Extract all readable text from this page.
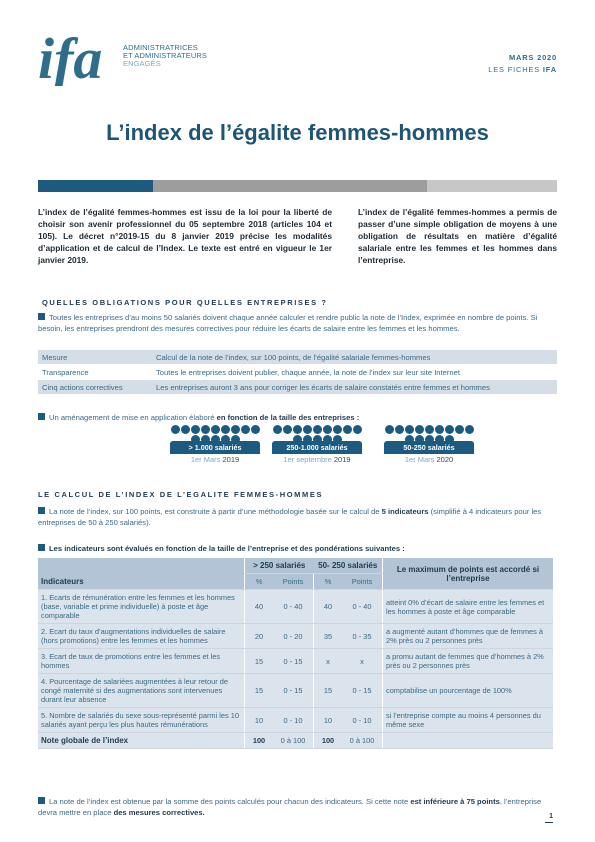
ifa	ADMINISTRATRICES
ET ADMINISTRATEURS
ENGAGÉS
MARS 2020
LES FICHES IFA
L’index de l’égalite femmes-hommes
L’index de l’égalité femmes-hommes est issu de la loi pour la liberté de choisir son avenir professionnel du 05 septembre 2018 (articles 104 et 105). Le décret n°2019-15 du 8 janvier 2019 précise les modalités d’application et de calcul de l’Index. Le texte est entré en vigueur le 1er janvier 2019.
L’index de l’égalité femmes-hommes a permis de passer d’une simple obligation de moyens à une obligation de résultats en matière d’égalité salariale entre les femmes et les hommes dans l’entreprise.
QUELLES OBLIGATIONS POUR QUELLES ENTREPRISES ?
Toutes les entreprises d’au moins 50 salariés doivent chaque année calculer et rendre public la note de l’Index, exprimée en nombre de points. Si besoin, les entreprises prendront des mesures correctives pour réduire les écarts de salaire entre les femmes et les hommes.
Mesure	Calcul de la note de l’index, sur 100 points, de l’égalité salariale femmes-hommes
Transparence	Toutes le entreprises doivent publier, chaque année, la note de l’index sur leur site Internet
Cinq actions correctives	Les entreprises auront 3 ans pour corriger les écarts de salaire constatés entre femmes et hommes
Un aménagement de mise en application élaboré en fonction de la taille des entreprises :
> 1.000 salariés
1er Mars 2019
250-1.000 salariés
1er septembre 2019
50-250 salariés
1er Mars 2020
LE CALCUL DE L’INDEX DE L’EGALITE FEMMES-HOMMES
La note de l’index, sur 100 points, est construite à partir d’une méthodologie basée sur le calcul de 5 indicateurs (simplifié à 4 indicateurs pour les entreprises de 50 à 250 salariés).
Les indicateurs sont évalués en fonction de la taille de l’entreprise et des pondérations suivantes :
Indicateurs	> 250 salariés		50- 250 salariés		Le maximum de points est accordé si l’entreprise
	%	Points	%	Points	
1. Ecarts de rémunération entre les femmes et les hommes (base, variable et prime individuelle) à poste et âge comparable	40	0 - 40	40	0 - 40	atteint 0% d’écart de salaire entre les femmes et les hommes à poste et âge comparable
2. Ecart du taux d’augmentations individuelles de salaire (hors promotions) entre les femmes et les hommes	20	0 - 20	35	0 - 35	a augmenté autant d’hommes que de femmes à 2% près ou 2 personnes près
3. Ecart de taux de promotions entre les femmes et les hommes	15	0 - 15	x	x	a promu autant de femmes que d’hommes à 2% près ou 2 personnes près
4. Pourcentage de salariées augmentées à leur retour de congé maternité si des augmentations sont intervenues durant leur absence	15	0 - 15	15	0 - 15	comptabilise un pourcentage de 100%
5. Nombre de salariés du sexe sous-représenté parmi les 10 salariés ayant perçu les plus hautes rémunérations	10	0 - 10	10	0 - 10	si l’entreprise compte au moins 4 personnes du même sexe
Note globale de l’index	100	0 à 100	100	0 à 100	
La note de l’index est obtenue par la somme des points calculés pour chacun des indicateurs. Si cette note est inférieure à 75 points, l’entreprise devra mettre en place des mesures correctives.	1
